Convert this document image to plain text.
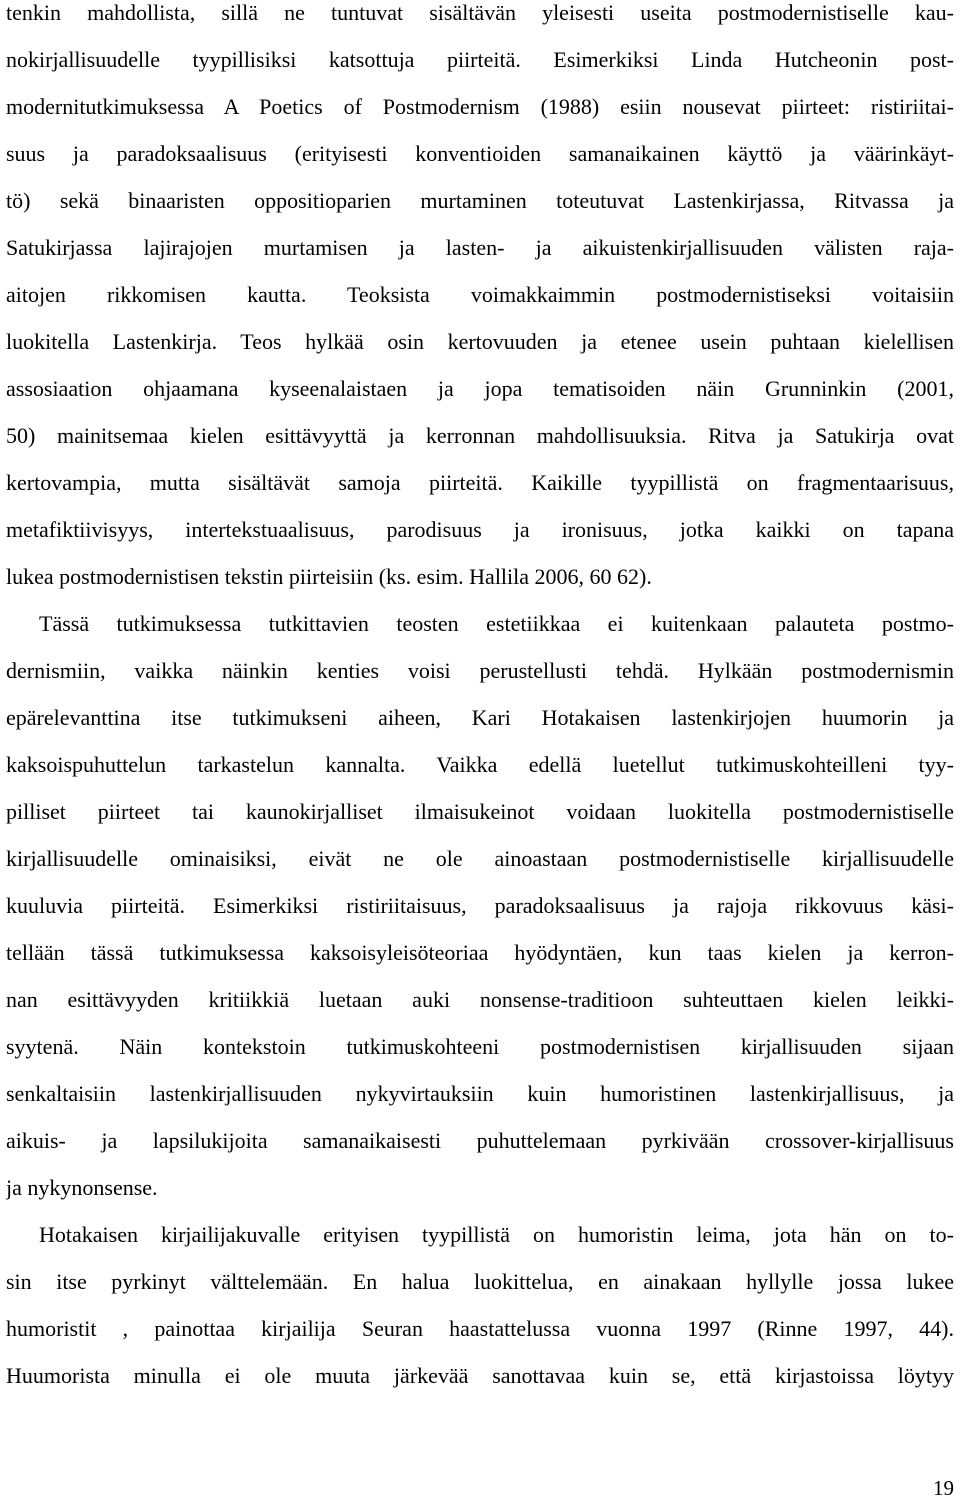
tenkin mahdollista, sillä ne tuntuvat sisältävän yleisesti useita postmodernistiselle kau-
nokirjallisuudelle tyypillisiksi katsottuja piirteitä. Esimerkiksi Linda Hutcheonin post-
modernitutkimuksessa A Poetics of Postmodernism (1988) esiin nousevat piirteet: ristiriitai-
suus ja paradoksaalisuus (erityisesti konventioiden samanaikainen käyttö ja väärinkäyt-
tö) sekä binaaristen oppositioparien murtaminen toteutuvat Lastenkirjassa, Ritvassa ja
Satukirjassa lajirajojen murtamisen ja lasten- ja aikuistenkirjallisuuden välisten raja-
aitojen rikkomisen kautta. Teoksista voimakkaimmin postmodernistiseksi voitaisiin
luokitella Lastenkirja. Teos hylkää osin kertovuuden ja etenee usein puhtaan kielellisen
assosiaation ohjaamana kyseenalaistaen ja jopa tematisoiden näin Grunninkin (2001,
50) mainitsemaa kielen esittävyyttä ja kerronnan mahdollisuuksia. Ritva ja Satukirja ovat
kertovampia, mutta sisältävät samoja piirteitä. Kaikille tyypillistä on fragmentaarisuus,
metafiktiivisyys, intertekstuaalisuus, parodisuus ja ironisuus, jotka kaikki on tapana
lukea postmodernistisen tekstin piirteisiin (ks. esim. Hallila 2006, 60 62).
Tässä tutkimuksessa tutkittavien teosten estetiikkaa ei kuitenkaan palauteta postmo-
dernismiin, vaikka näinkin kenties voisi perustellusti tehdä. Hylkään postmodernismin
epärelevanttina itse tutkimukseni aiheen, Kari Hotakaisen lastenkirjojen huumorin ja
kaksoispuhuttelun tarkastelun kannalta. Vaikka edellä luetellut tutkimuskohteilleni tyy-
pilliset piirteet tai kaunokirjalliset ilmaisukeinot voidaan luokitella postmodernistiselle
kirjallisuudelle ominaisiksi, eivät ne ole ainoastaan postmodernistiselle kirjallisuudelle
kuuluvia piirteitä. Esimerkiksi ristiriitaisuus, paradoksaalisuus ja rajoja rikkovuus käsi-
tellään tässä tutkimuksessa kaksoisyleisöteoriaa hyödyntäen, kun taas kielen ja kerron-
nan esittävyyden kritiikkiä luetaan auki nonsense-traditioon suhteuttaen kielen leikki-
syytenä. Näin kontekstoin tutkimuskohteeni postmodernistisen kirjallisuuden sijaan
senkaltaisiin lastenkirjallisuuden nykyvirtauksiin kuin humoristinen lastenkirjallisuus, ja
aikuis- ja lapsilukijoita samanaikaisesti puhuttelemaan pyrkivään crossover-kirjallisuus
ja nykynonsense.
Hotakaisen kirjailijakuvalle erityisen tyypillistä on humoristin leima, jota hän on to-
sin itse pyrkinyt välttelemään. En halua luokittelua, en ainakaan hyllylle jossa lukee
humoristit , painottaa kirjailija Seuran haastattelussa vuonna 1997 (Rinne 1997, 44).
Huumorista minulla ei ole muuta järkevää sanottavaa kuin se, että kirjastoissa löytyy
19
